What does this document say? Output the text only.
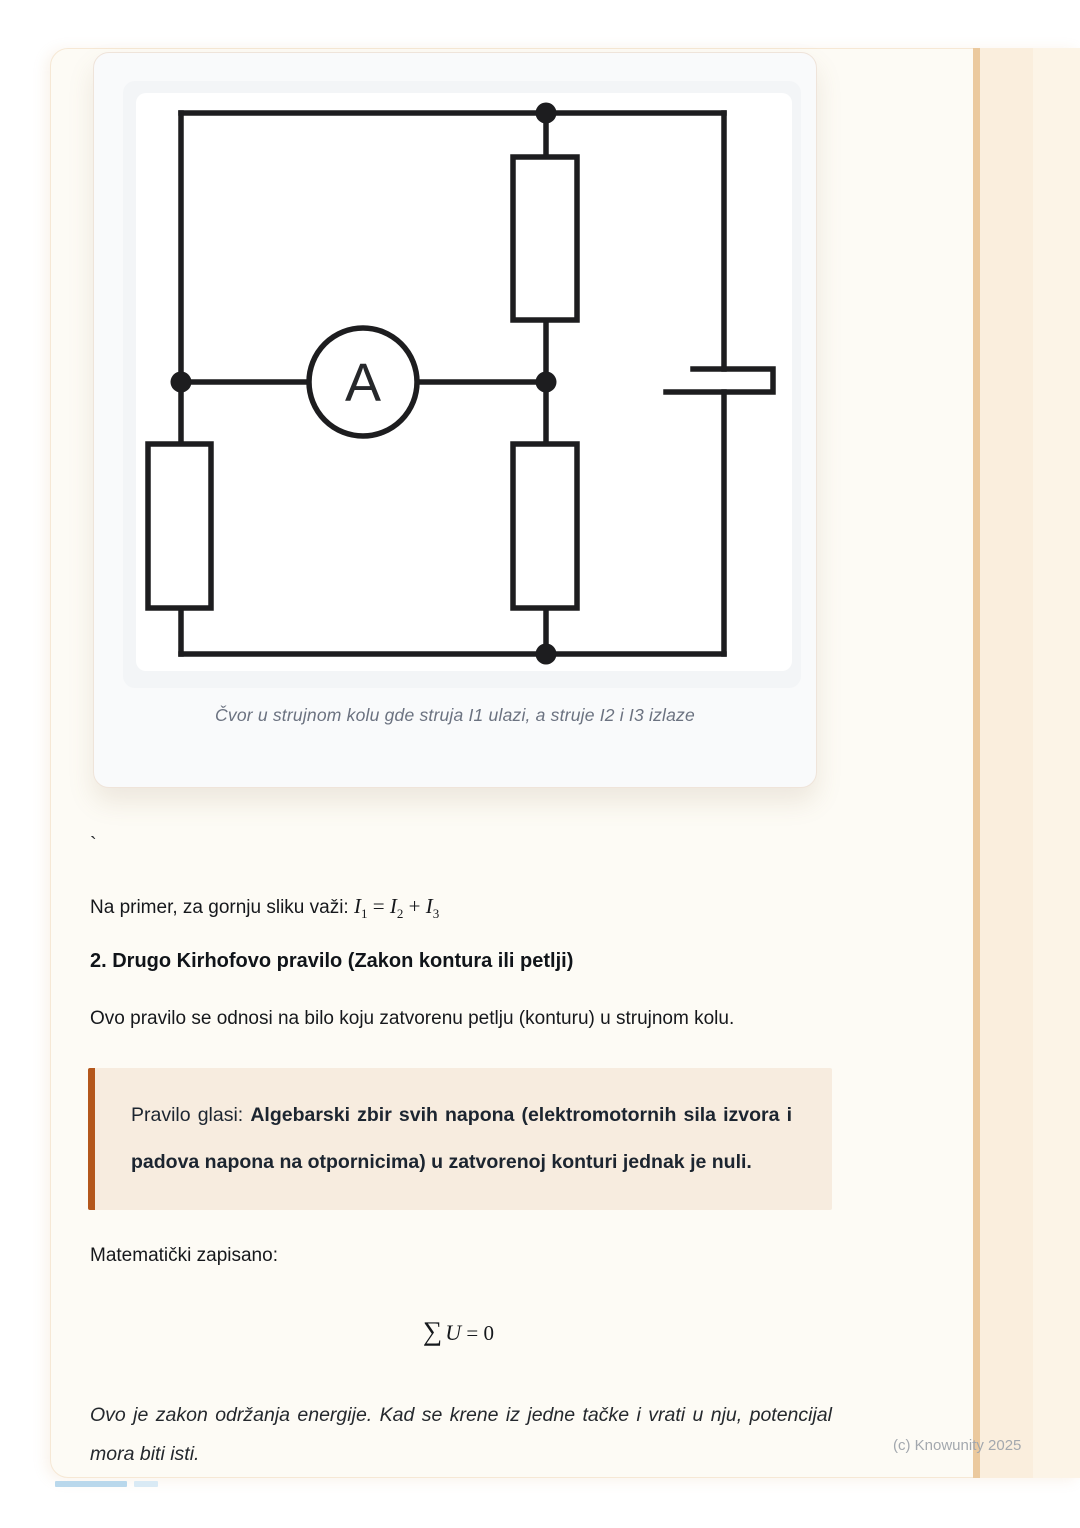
A
Čvor u strujnom kolu gde struja I1 ulazi, a struje I2 i I3 izlaze
`
Na primer, za gornju sliku važi: $I_1 = I_2 + I_3$
2. Drugo Kirhofovo pravilo (Zakon kontura ili petlji)
Ovo pravilo se odnosi na bilo koju zatvorenu petlju (konturu) u strujnom kolu.
Pravilo glasi: Algebarski zbir svih napona (elektromotornih sila izvora i padova napona na otpornicima) u zatvorenoj konturi jednak je nuli.
Matematički zapisano:
∑ U = 0
Ovo je zakon održanja energije. Kad se krene iz jedne tačke i vrati u nju, potencijal mora biti isti.	(c) Knowunity 2025
